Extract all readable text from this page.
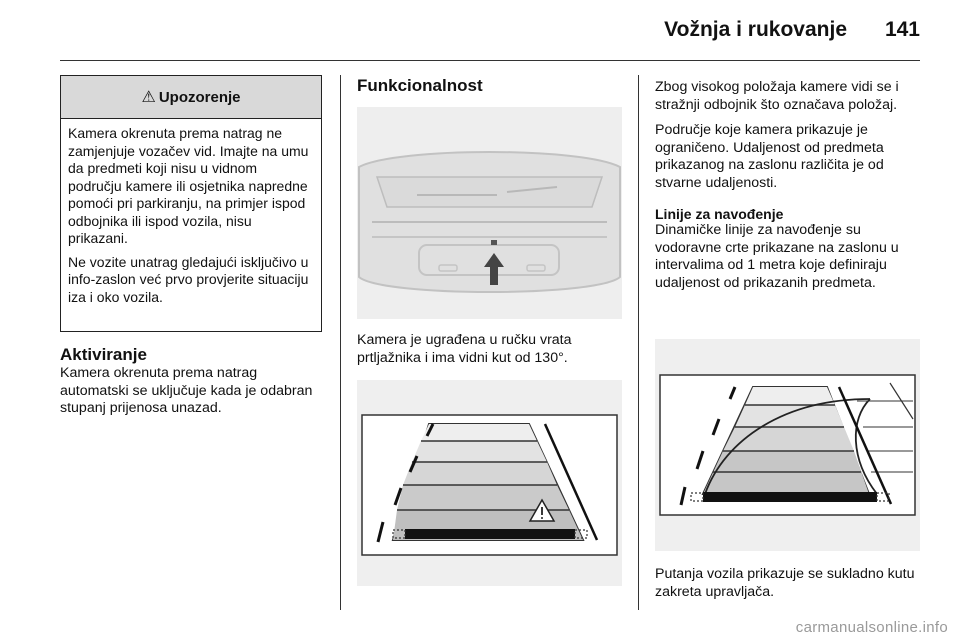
Vožnja i rukovanje 141
⚠ Upozorenje

Kamera okrenuta prema natrag ne zamjenjuje vozačev vid. Imajte na umu da predmeti koji nisu u vidnom području kamere ili osjetnika napredne pomoći pri parkiranju, na primjer ispod odbojnika ili ispod vozila, nisu prikazani.

Ne vozite unatrag gledajući isključivo u info-zaslon već prvo provjerite situaciju iza i oko vozila.

Aktiviranje

Kamera okrenuta prema natrag automatski se uključuje kada je odabran stupanj prijenosa unazad.

Funkcionalnost
Kamera je ugrađena u ručku vrata prtljažnika i ima vidni kut od 130°.

Zbog visokog položaja kamere vidi se i stražnji odbojnik što označava položaj.

Područje koje kamera prikazuje je ograničeno. Udaljenost od predmeta prikazanog na zaslonu različita je od stvarne udaljenosti.

Linije za navođenje

Dinamičke linije za navođenje su vodoravne crte prikazane na zaslonu u intervalima od 1 metra koje definiraju udaljenost od prikazanih predmeta.

Putanja vozila prikazuje se sukladno kutu zakreta upravljača.
carmanualsonline.info
